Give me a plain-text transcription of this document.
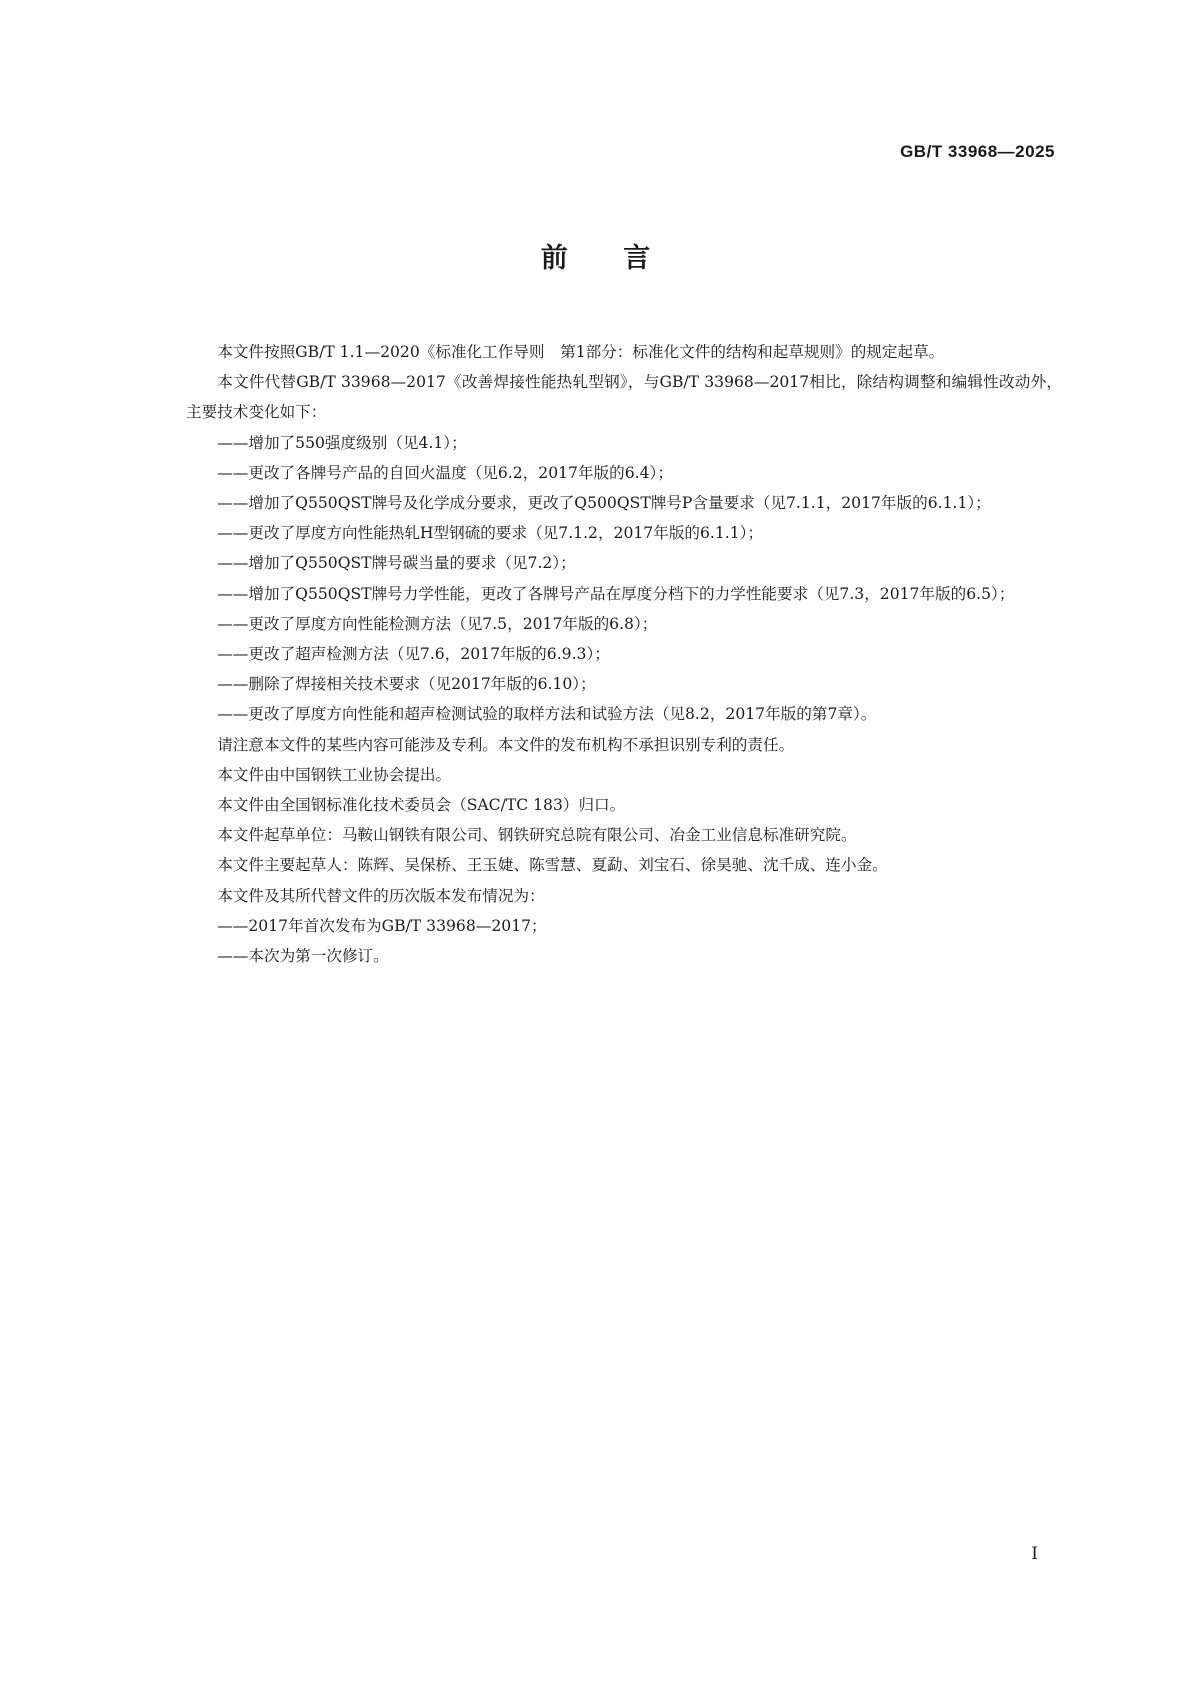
GB/T 33968—2025
前 言

本文件按照GB/T 1.1—2020《标准化工作导则　第1部分：标准化文件的结构和起草规则》的规定起草。

本文件代替GB/T 33968—2017《改善焊接性能热轧型钢》，与GB/T 33968—2017相比，除结构调整和编辑性改动外，主要技术变化如下：

——增加了550强度级别（见4.1）；

——更改了各牌号产品的自回火温度（见6.2，2017年版的6.4）；

——增加了Q550QST牌号及化学成分要求，更改了Q500QST牌号P含量要求（见7.1.1，2017年版的6.1.1）；

——更改了厚度方向性能热轧H型钢硫的要求（见7.1.2，2017年版的6.1.1）；

——增加了Q550QST牌号碳当量的要求（见7.2）；

——增加了Q550QST牌号力学性能，更改了各牌号产品在厚度分档下的力学性能要求（见7.3，2017年版的6.5）；

——更改了厚度方向性能检测方法（见7.5，2017年版的6.8）；

——更改了超声检测方法（见7.6，2017年版的6.9.3）；

——删除了焊接相关技术要求（见2017年版的6.10）；

——更改了厚度方向性能和超声检测试验的取样方法和试验方法（见8.2，2017年版的第7章）。

请注意本文件的某些内容可能涉及专利。本文件的发布机构不承担识别专利的责任。

本文件由中国钢铁工业协会提出。

本文件由全国钢标准化技术委员会（SAC/TC 183）归口。

本文件起草单位：马鞍山钢铁有限公司、钢铁研究总院有限公司、冶金工业信息标准研究院。

本文件主要起草人：陈辉、吴保桥、王玉婕、陈雪慧、夏勐、刘宝石、徐昊驰、沈千成、连小金。

本文件及其所代替文件的历次版本发布情况为：

——2017年首次发布为GB/T 33968—2017；

——本次为第一次修订。

I
